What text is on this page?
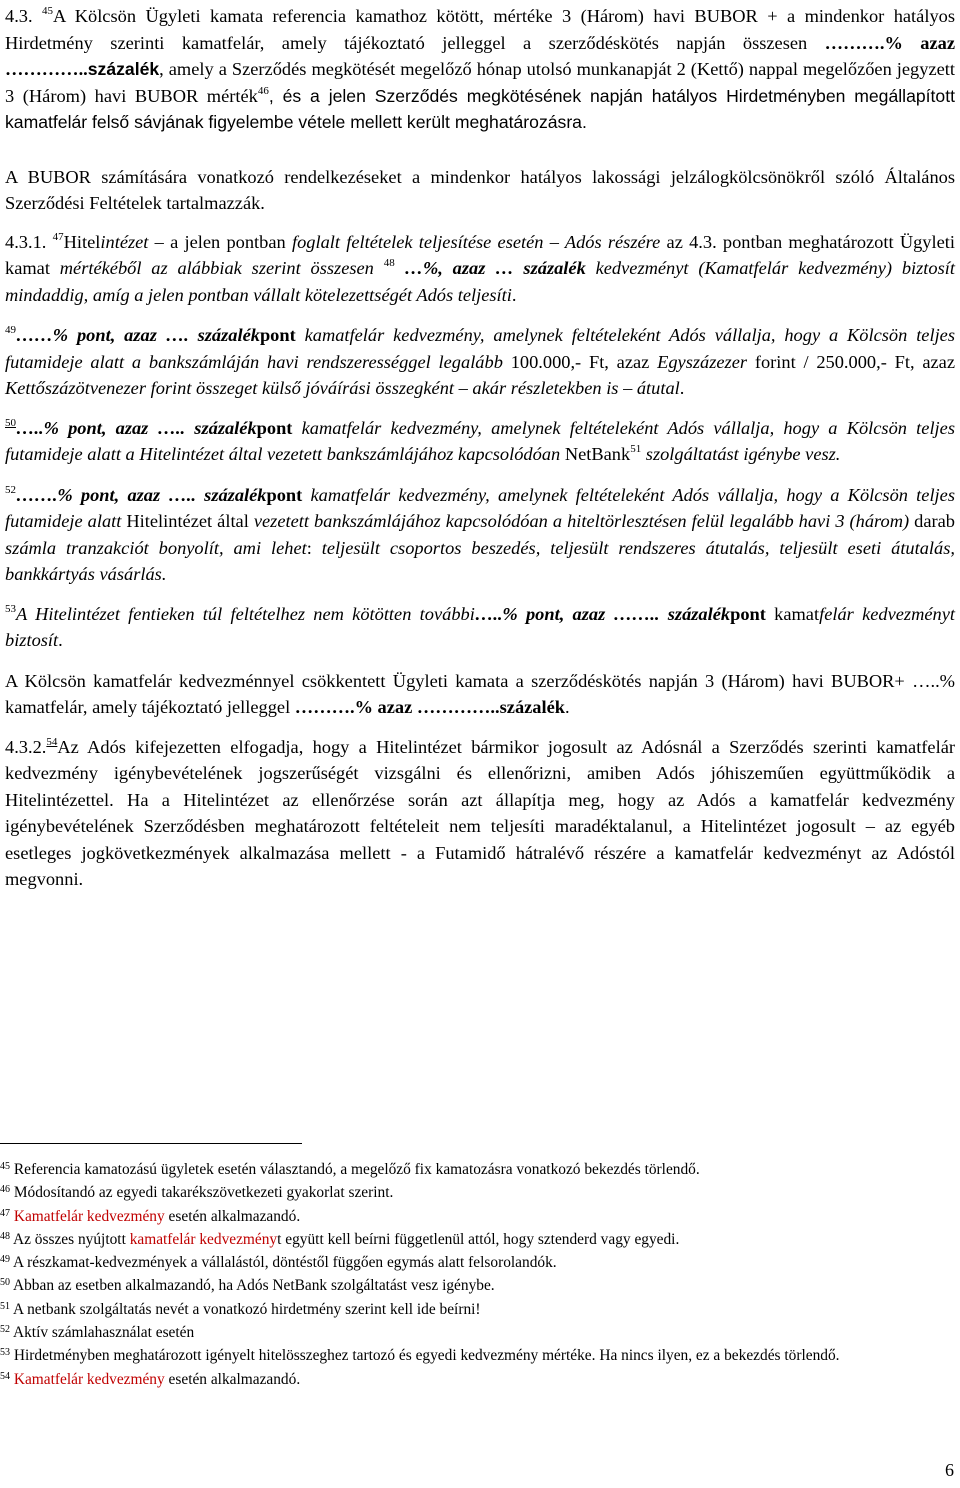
4.3. $^{45}$A Kölcsön Ügyleti kamata referencia kamathoz kötött, mértéke 3 (Három) havi BUBOR + a mindenkor hatályos Hirdetmény szerinti kamatfelár, amely tájékoztató jelleggel a szerződéskötés napján összesen ……….% azaz …………..százalék, amely a Szerződés megkötését megelőző hónap utolsó munkanapját 2 (Kettő) nappal megelőzően jegyzett 3 (Három) havi BUBOR mérték$^{46}$, és a jelen Szerződés megkötésének napján hatályos Hirdetményben megállapított kamatfelár felső sávjának figyelembe vétele mellett került meghatározásra.

A BUBOR számítására vonatkozó rendelkezéseket a mindenkor hatályos lakossági jelzálogkölcsönökről szóló Általános Szerződési Feltételek tartalmazzák.

4.3.1. $^{47}$Hitelintézet – a jelen pontban foglalt feltételek teljesítése esetén – Adós részére az 4.3. pontban meghatározott Ügyleti kamat mértékéből az alábbiak szerint összesen $^{48}$ …%, azaz … százalék kedvezményt (Kamatfelár kedvezmény) biztosít mindaddig, amíg a jelen pontban vállalt kötelezettségét Adós teljesíti.

$^{49}$……% pont, azaz …. százalékpont kamatfelár kedvezmény, amelynek feltételeként Adós vállalja, hogy a Kölcsön teljes futamideje alatt a bankszámláján havi rendszerességgel legalább 100.000,- Ft, azaz Egyszázezer forint / 250.000,- Ft, azaz Kettőszázötvenezer forint összeget külső jóváírási összegként – akár részletekben is – átutal.

$^{50}$…..% pont, azaz ….. százalékpont kamatfelár kedvezmény, amelynek feltételeként Adós vállalja, hogy a Kölcsön teljes futamideje alatt a Hitelintézet által vezetett bankszámlájához kapcsolódóan NetBank$^{51}$ szolgáltatást igénybe vesz.

$^{52}$…….% pont, azaz ….. százalékpont kamatfelár kedvezmény, amelynek feltételeként Adós vállalja, hogy a Kölcsön teljes futamideje alatt Hitelintézet által vezetett bankszámlájához kapcsolódóan a hiteltörlesztésen felül legalább havi 3 (három) darab számla tranzakciót bonyolít, ami lehet: teljesült csoportos beszedés, teljesült rendszeres átutalás, teljesült eseti átutalás, bankkártyás vásárlás.

$^{53}$A Hitelintézet fentieken túl feltételhez nem kötötten további…..% pont, azaz …….. százalékpont kamatfelár kedvezményt biztosít.

A Kölcsön kamatfelár kedvezménnyel csökkentett Ügyleti kamata a szerződéskötés napján 3 (Három) havi BUBOR+ …..% kamatfelár, amely tájékoztató jelleggel ……….% azaz …………..százalék.

4.3.2.54Az Adós kifejezetten elfogadja, hogy a Hitelintézet bármikor jogosult az Adósnál a Szerződés szerinti kamatfelár kedvezmény igénybevételének jogszerűségét vizsgálni és ellenőrizni, amiben Adós jóhiszeműen együttműködik a Hitelintézettel. Ha a Hitelintézet az ellenőrzése során azt állapítja meg, hogy az Adós a kamatfelár kedvezmény igénybevételének Szerződésben meghatározott feltételeit nem teljesíti maradéktalanul, a Hitelintézet jogosult – az egyéb esetleges jogkövetkezmények alkalmazása mellett - a Futamidő hátralévő részére a kamatfelár kedvezményt az Adóstól megvonni.

$^{45}$ Referencia kamatozású ügyletek esetén választandó, a megelőző fix kamatozásra vonatkozó bekezdés törlendő.

$^{46}$ Módosítandó az egyedi takarékszövetkezeti gyakorlat szerint.

$^{47}$ Kamatfelár kedvezmény esetén alkalmazandó.

$^{48}$ Az összes nyújtott kamatfelár kedvezményt együtt kell beírni függetlenül attól, hogy sztenderd vagy egyedi.

$^{49}$ A részkamat-kedvezmények a vállalástól, döntéstől függően egymás alatt felsorolandók.

$^{50}$ Abban az esetben alkalmazandó, ha Adós NetBank szolgáltatást vesz igénybe.

$^{51}$ A netbank szolgáltatás nevét a vonatkozó hirdetmény szerint kell ide beírni!

$^{52}$ Aktív számlahasználat esetén

$^{53}$ Hirdetményben meghatározott igényelt hitelösszeghez tartozó és egyedi kedvezmény mértéke. Ha nincs ilyen, ez a bekezdés törlendő.

$^{54}$ Kamatfelár kedvezmény esetén alkalmazandó.

6
